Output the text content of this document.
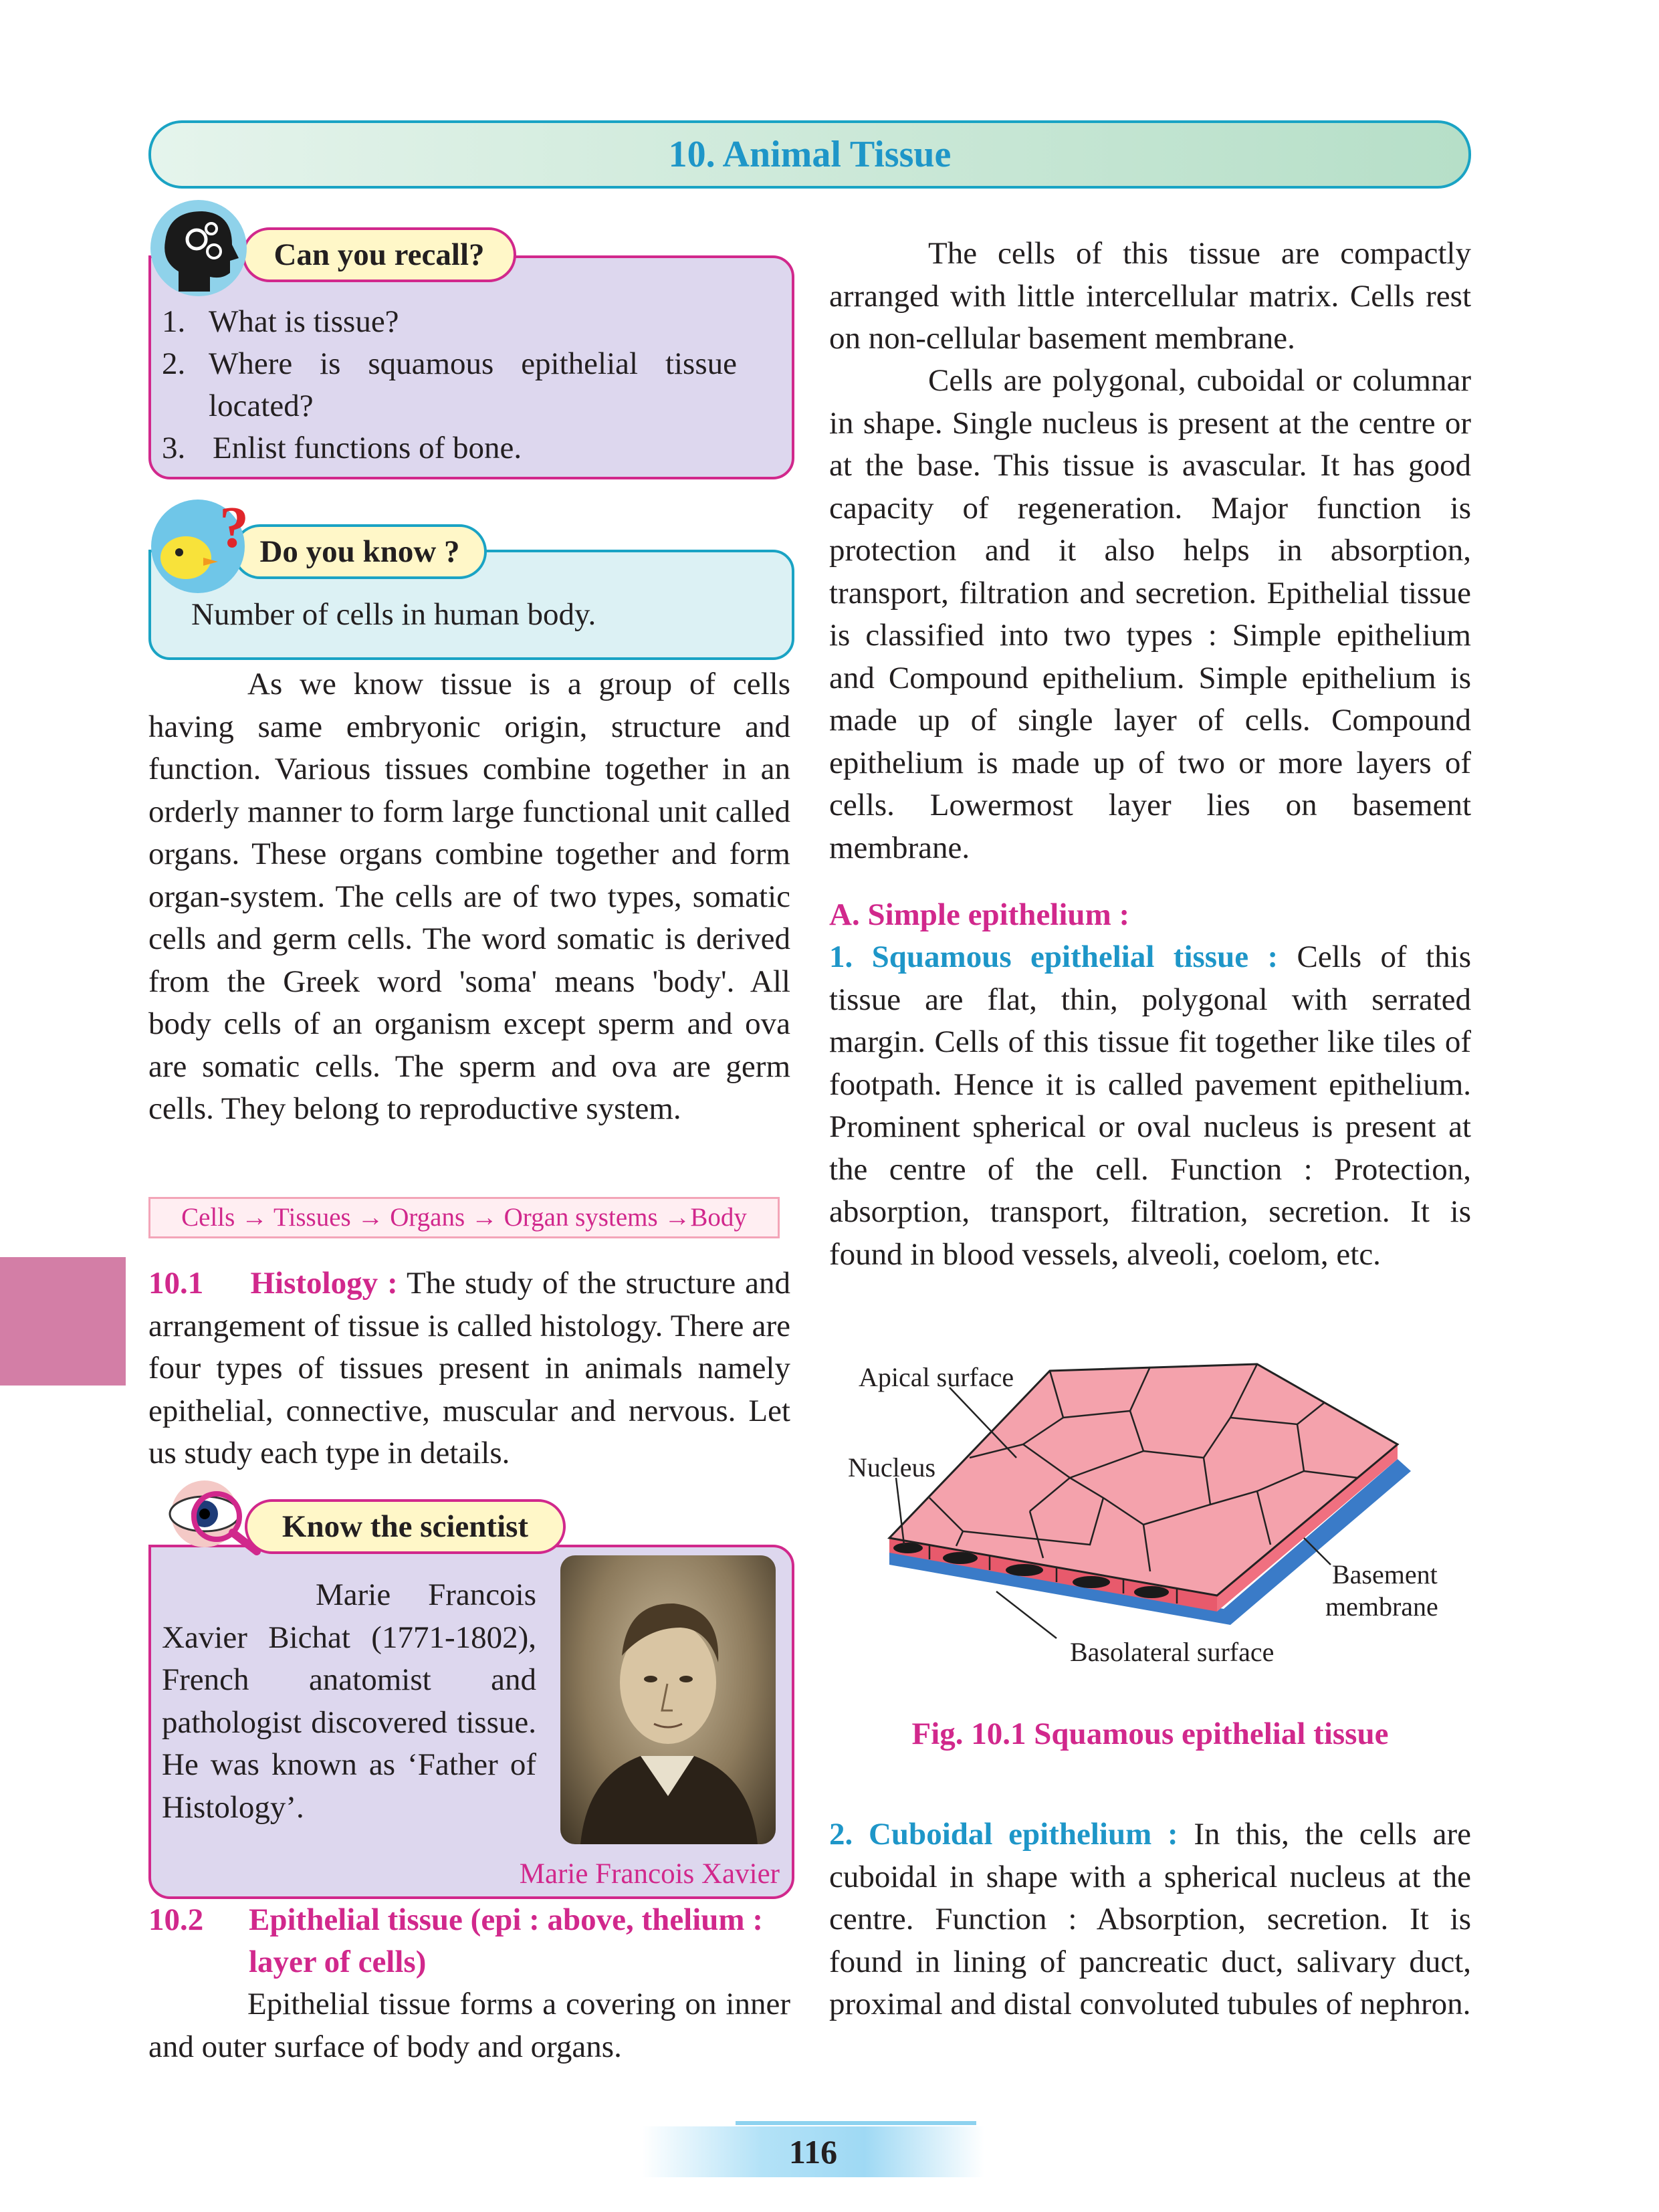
10. Animal Tissue
1. What is tissue?
2. Where is squamous epithelial tissue located?
3. Enlist functions of bone.
Can you recall?
Number of cells in human body.
Do you know ?
?

As we know tissue is a group of cells having same embryonic origin, structure and function. Various tissues combine together in an orderly manner to form large functional unit called organs. These organs combine together and form organ-system. The cells are of two types, somatic cells and germ cells. The word somatic is derived from the Greek word 'soma' means 'body'. All body cells of an organism except sperm and ova are somatic cells. The sperm and ova are germ cells. They belong to reproductive system.

Cells → Tissues → Organs → Organ systems →Body
10.1 Histology : The study of the structure and arrangement of tissue is called histology. There are four types of tissues present in animals namely epithelial, connective, muscular and nervous. Let us study each type in details.

Marie Francois Xavier Bichat (1771-1802), French anatomist and pathologist discovered tissue. He was known as ‘Father of Histology’.

Marie Francois Xavier
Know the scientist
10.2	Epithelial tissue (epi : above, thelium : layer of cells)

Epithelial tissue forms a covering on inner and outer surface of body and organs.

The cells of this tissue are compactly arranged with little intercellular matrix. Cells rest on non-cellular basement membrane.

Cells are polygonal, cuboidal or columnar in shape. Single nucleus is present at the centre or at the base. This tissue is avascular. It has good capacity of regeneration. Major function is protection and it also helps in absorption, transport, filtration and secretion. Epithelial tissue is classified into two types : Simple epithelium and Compound epithelium. Simple epithelium is made up of single layer of cells. Compound epithelium is made up of two or more layers of cells. Lowermost layer lies on basement membrane.

A. Simple epithelium :
1. Squamous epithelial tissue : Cells of this tissue are flat, thin, polygonal with serrated margin. Cells of this tissue fit together like tiles of footpath. Hence it is called pavement epithelium. Prominent spherical or oval nucleus is present at the centre of the cell. Function : Protection, absorption, transport, filtration, secretion. It is found in blood vessels, alveoli, coelom, etc.
Apical surface
Nucleus
Basement
membrane
Basolateral surface
Fig. 10.1 Squamous epithelial tissue
2. Cuboidal epithelium : In this, the cells are cuboidal in shape with a spherical nucleus at the centre. Function : Absorption, secretion. It is found in lining of pancreatic duct, salivary duct, proximal and distal convoluted tubules of nephron.
116
